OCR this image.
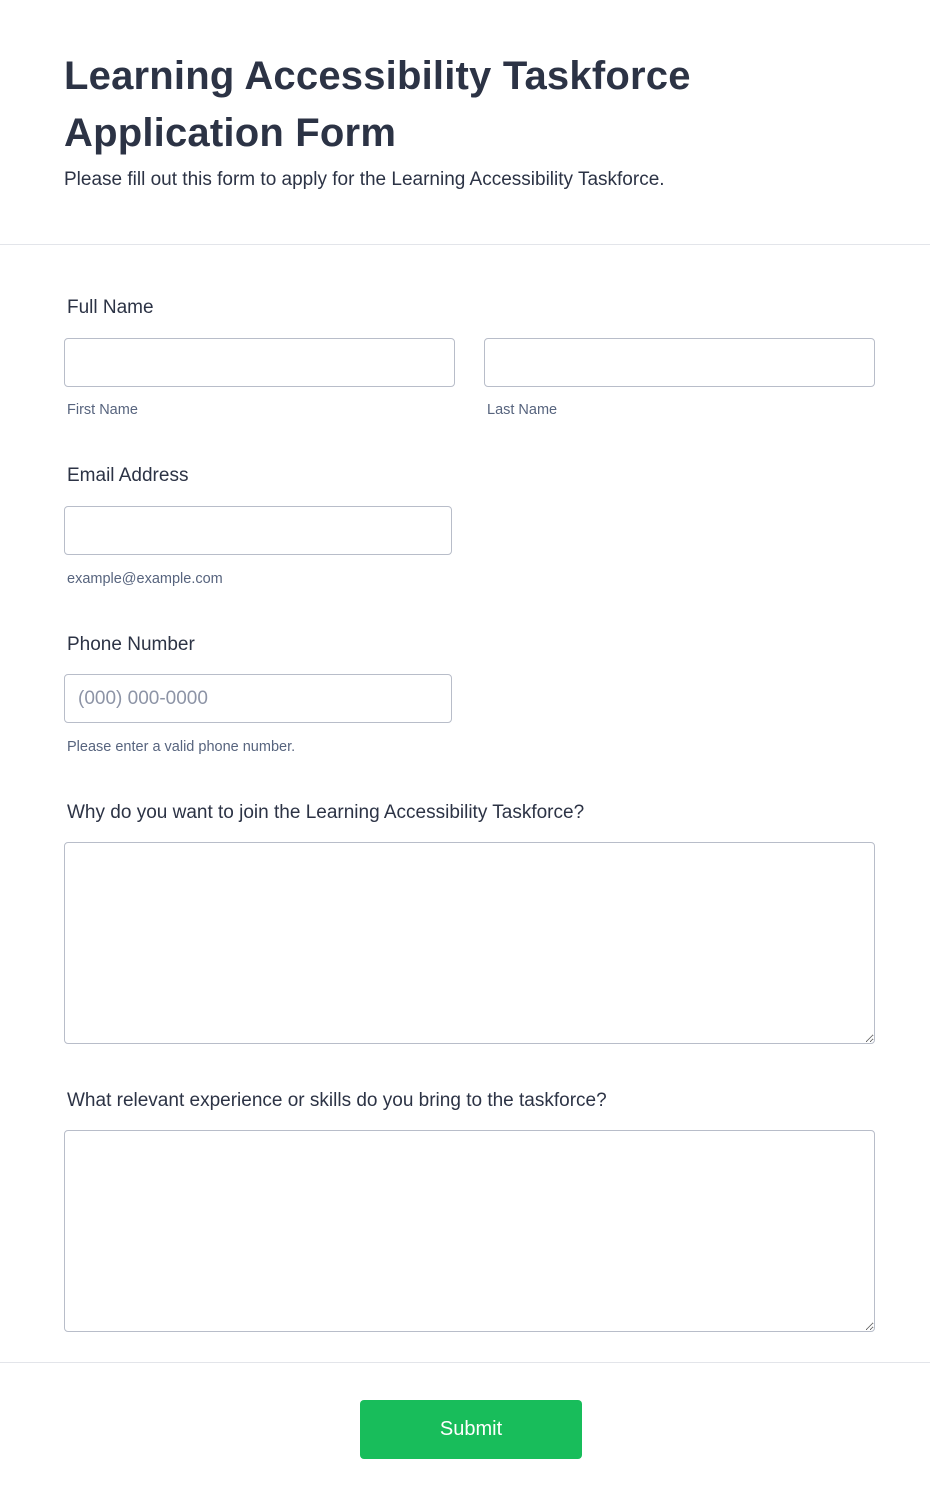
Learning Accessibility Taskforce Application Form

Please fill out this form to apply for the Learning Accessibility Taskforce.

Full Name
First Name	Last Name
Email Address
example@example.com
Phone Number
(000) 000-0000
Please enter a valid phone number.
Why do you want to join the Learning Accessibility Taskforce?
What relevant experience or skills do you bring to the taskforce?
Submit
